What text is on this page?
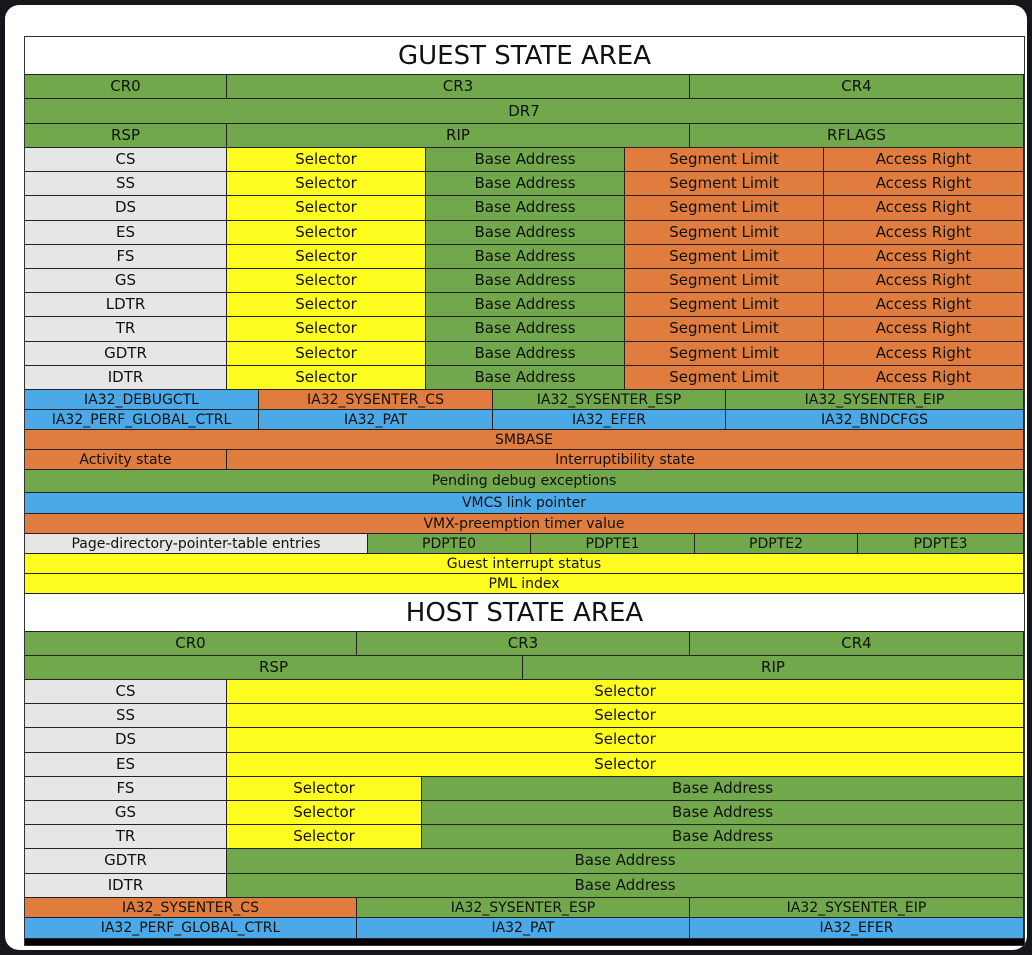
GUEST STATE AREA
CR0	CR3	CR4
DR7
RSP	RIP	RFLAGS
CS	Selector	Base Address	Segment Limit	Access Right
SS	Selector	Base Address	Segment Limit	Access Right
DS	Selector	Base Address	Segment Limit	Access Right
ES	Selector	Base Address	Segment Limit	Access Right
FS	Selector	Base Address	Segment Limit	Access Right
GS	Selector	Base Address	Segment Limit	Access Right
LDTR	Selector	Base Address	Segment Limit	Access Right
TR	Selector	Base Address	Segment Limit	Access Right
GDTR	Selector	Base Address	Segment Limit	Access Right
IDTR	Selector	Base Address	Segment Limit	Access Right
IA32_DEBUGCTL	IA32_SYSENTER_CS	IA32_SYSENTER_ESP	IA32_SYSENTER_EIP
IA32_PERF_GLOBAL_CTRL	IA32_PAT	IA32_EFER	IA32_BNDCFGS
SMBASE
Activity state	Interruptibility state
Pending debug exceptions
VMCS link pointer
VMX-preemption timer value
Page-directory-pointer-table entries	PDPTE0	PDPTE1	PDPTE2	PDPTE3
Guest interrupt status
PML index
HOST STATE AREA
CR0	CR3	CR4
RSP	RIP
CS	Selector
SS	Selector
DS	Selector
ES	Selector
FS	Selector	Base Address
GS	Selector	Base Address
TR	Selector	Base Address
GDTR	Base Address
IDTR	Base Address
IA32_SYSENTER_CS	IA32_SYSENTER_ESP	IA32_SYSENTER_EIP
IA32_PERF_GLOBAL_CTRL	IA32_PAT	IA32_EFER
